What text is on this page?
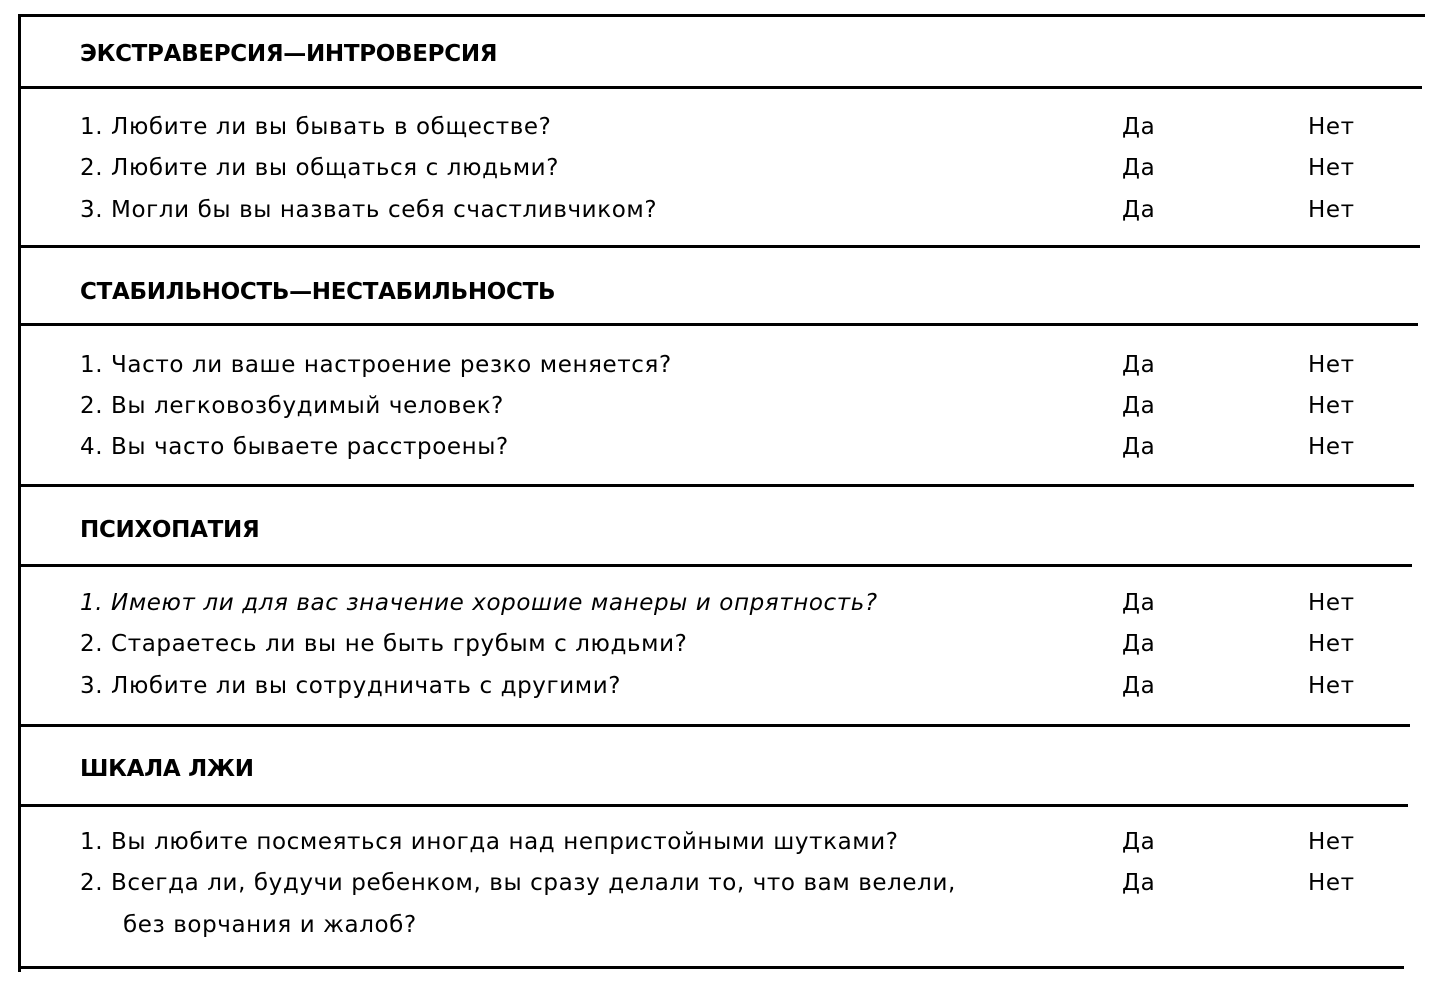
ЭКСТРАВЕРСИЯ—ИНТРОВЕРСИЯ
1. Любите ли вы бывать в обществе?	Да	Нет
2. Любите ли вы общаться с людьми?	Да	Нет
3. Могли бы вы назвать себя счастливчиком?	Да	Нет
СТАБИЛЬНОСТЬ—НЕСТАБИЛЬНОСТЬ
1. Часто ли ваше настроение резко меняется?	Да	Нет
2. Вы легковозбудимый человек?	Да	Нет
4. Вы часто бываете расстроены?	Да	Нет
ПСИХОПАТИЯ
1. Имеют ли для вас значение хорошие манеры и опрятность?	Да	Нет
2. Стараетесь ли вы не быть грубым с людьми?	Да	Нет
3. Любите ли вы сотрудничать с другими?	Да	Нет
ШКАЛА ЛЖИ
1. Вы любите посмеяться иногда над непристойными шутками?	Да	Нет
2. Всегда ли, будучи ребенком, вы сразу делали то, что вам велели,
без ворчания и жалоб?
Да	Нет
